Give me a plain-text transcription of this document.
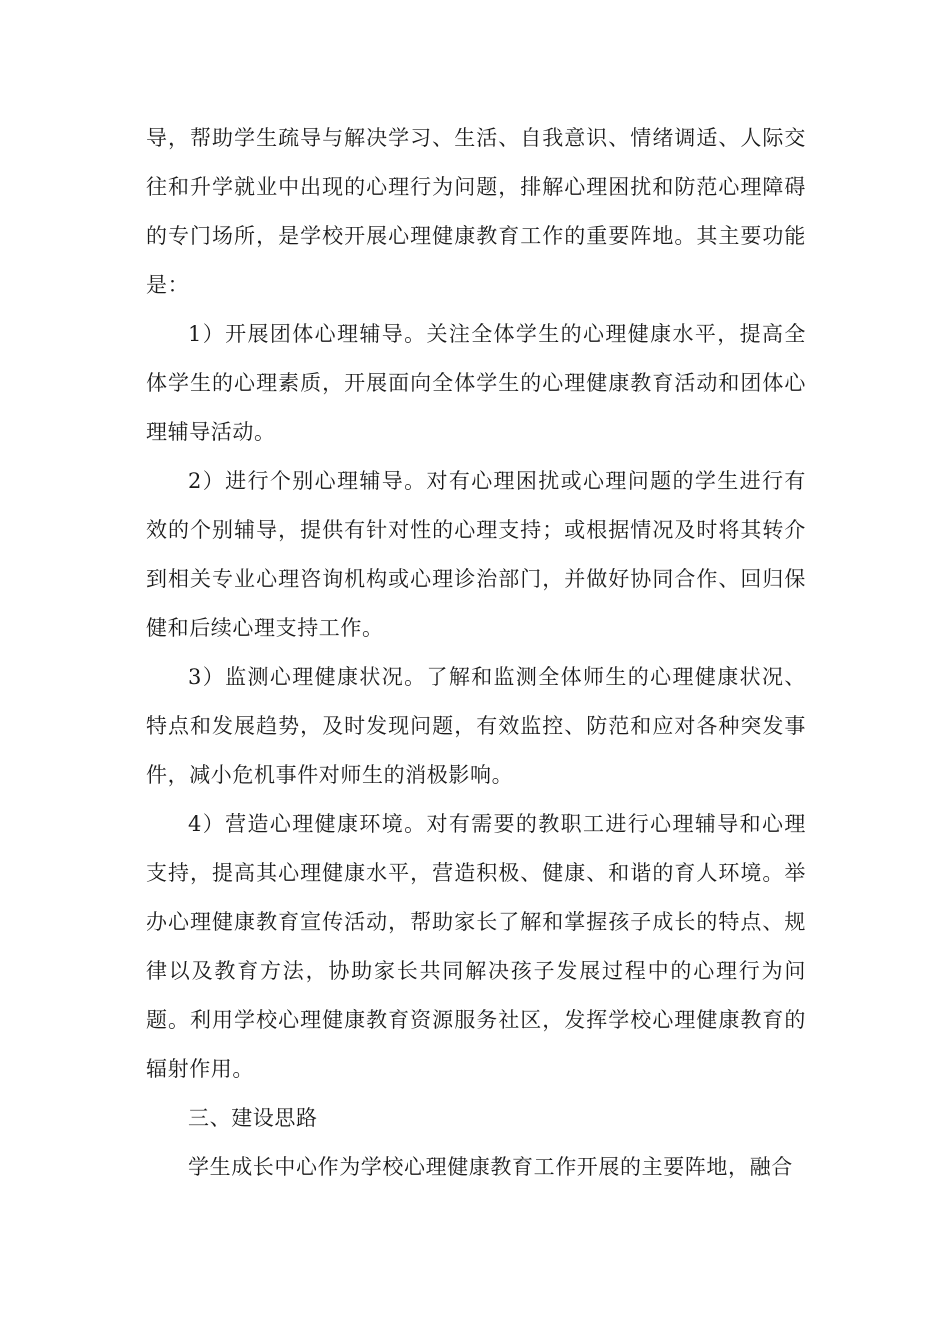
导，帮助学生疏导与解决学习、生活、自我意识、情绪调适、人际交往和升学就业中出现的心理行为问题，排解心理困扰和防范心理障碍的专门场所，是学校开展心理健康教育工作的重要阵地。其主要功能是：

1）开展团体心理辅导。关注全体学生的心理健康水平，提高全体学生的心理素质，开展面向全体学生的心理健康教育活动和团体心理辅导活动。

2）进行个别心理辅导。对有心理困扰或心理问题的学生进行有效的个别辅导，提供有针对性的心理支持；或根据情况及时将其转介到相关专业心理咨询机构或心理诊治部门，并做好协同合作、回归保健和后续心理支持工作。

3）监测心理健康状况。了解和监测全体师生的心理健康状况、特点和发展趋势，及时发现问题，有效监控、防范和应对各种突发事件，减小危机事件对师生的消极影响。

4）营造心理健康环境。对有需要的教职工进行心理辅导和心理支持，提高其心理健康水平，营造积极、健康、和谐的育人环境。举办心理健康教育宣传活动，帮助家长了解和掌握孩子成长的特点、规律以及教育方法，协助家长共同解决孩子发展过程中的心理行为问题。利用学校心理健康教育资源服务社区，发挥学校心理健康教育的辐射作用。

三、建设思路

学生成长中心作为学校心理健康教育工作开展的主要阵地，融合
